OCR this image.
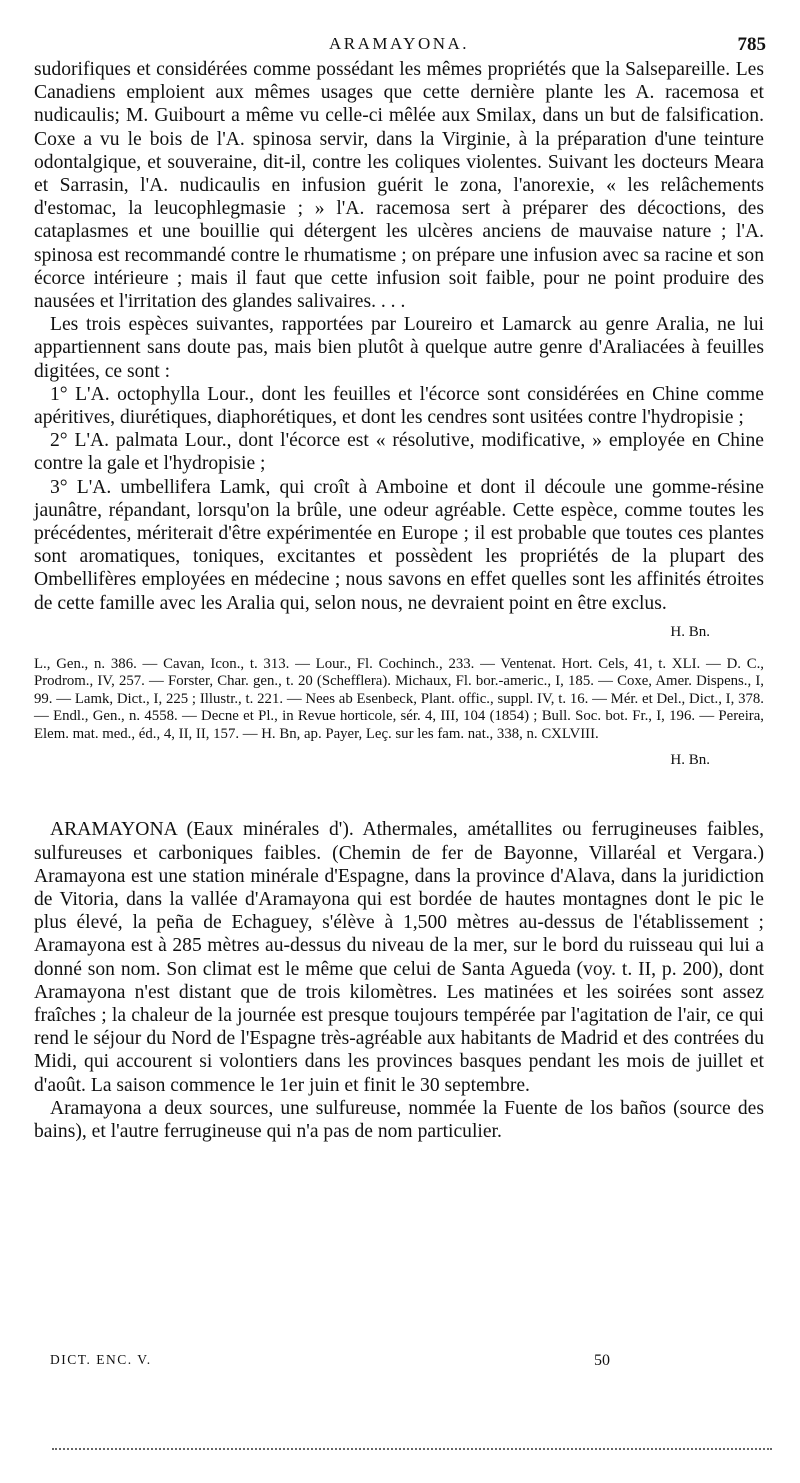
ARAMAYONA.	785

sudorifiques et considérées comme possédant les mêmes propriétés que la Salsepareille. Les Canadiens emploient aux mêmes usages que cette dernière plante les A. racemosa et nudicaulis; M. Guibourt a même vu celle-ci mêlée aux Smilax, dans un but de falsification. Coxe a vu le bois de l'A. spinosa servir, dans la Virginie, à la préparation d'une teinture odontalgique, et souveraine, dit-il, contre les coliques violentes. Suivant les docteurs Meara et Sarrasin, l'A. nudicaulis en infusion guérit le zona, l'anorexie, « les relâchements d'estomac, la leucophlegmasie ; » l'A. racemosa sert à préparer des décoctions, des cataplasmes et une bouillie qui détergent les ulcères anciens de mauvaise nature ; l'A. spinosa est recommandé contre le rhumatisme ; on prépare une infusion avec sa racine et son écorce intérieure ; mais il faut que cette infusion soit faible, pour ne point produire des nausées et l'irritation des glandes salivaires. . . .

Les trois espèces suivantes, rapportées par Loureiro et Lamarck au genre Aralia, ne lui appartiennent sans doute pas, mais bien plutôt à quelque autre genre d'Araliacées à feuilles digitées, ce sont :

1° L'A. octophylla Lour., dont les feuilles et l'écorce sont considérées en Chine comme apéritives, diurétiques, diaphorétiques, et dont les cendres sont usitées contre l'hydropisie ;

2° L'A. palmata Lour., dont l'écorce est « résolutive, modificative, » employée en Chine contre la gale et l'hydropisie ;

3° L'A. umbellifera Lamk, qui croît à Amboine et dont il découle une gomme-résine jaunâtre, répandant, lorsqu'on la brûle, une odeur agréable. Cette espèce, comme toutes les précédentes, mériterait d'être expérimentée en Europe ; il est probable que toutes ces plantes sont aromatiques, toniques, excitantes et possèdent les propriétés de la plupart des Ombellifères employées en médecine ; nous savons en effet quelles sont les affinités étroites de cette famille avec les Aralia qui, selon nous, ne devraient point en être exclus.

H. Bn.

L., Gen., n. 386. — Cavan, Icon., t. 313. — Lour., Fl. Cochinch., 233. — Ventenat. Hort. Cels, 41, t. XLI. — D. C., Prodrom., IV, 257. — Forster, Char. gen., t. 20 (Schefflera). Michaux, Fl. bor.-americ., I, 185. — Coxe, Amer. Dispens., I, 99. — Lamk, Dict., I, 225 ; Illustr., t. 221. — Nees ab Esenbeck, Plant. offic., suppl. IV, t. 16. — Mér. et Del., Dict., I, 378. — Endl., Gen., n. 4558. — Decne et Pl., in Revue horticole, sér. 4, III, 104 (1854) ; Bull. Soc. bot. Fr., I, 196. — Pereira, Elem. mat. med., éd., 4, II, II, 157. — H. Bn, ap. Payer, Leç. sur les fam. nat., 338, n. CXLVIII.

H. Bn.

ARAMAYONA (Eaux minérales d'). Athermales, amétallites ou ferrugineuses faibles, sulfureuses et carboniques faibles. (Chemin de fer de Bayonne, Villaréal et Vergara.) Aramayona est une station minérale d'Espagne, dans la province d'Alava, dans la juridiction de Vitoria, dans la vallée d'Aramayona qui est bordée de hautes montagnes dont le pic le plus élevé, la peña de Echaguey, s'élève à 1,500 mètres au-dessus de l'établissement ; Aramayona est à 285 mètres au-dessus du niveau de la mer, sur le bord du ruisseau qui lui a donné son nom. Son climat est le même que celui de Santa Agueda (voy. t. II, p. 200), dont Aramayona n'est distant que de trois kilomètres. Les matinées et les soirées sont assez fraîches ; la chaleur de la journée est presque toujours tempérée par l'agitation de l'air, ce qui rend le séjour du Nord de l'Espagne très-agréable aux habitants de Madrid et des contrées du Midi, qui accourent si volontiers dans les provinces basques pendant les mois de juillet et d'août. La saison commence le 1er juin et finit le 30 septembre.

Aramayona a deux sources, une sulfureuse, nommée la Fuente de los baños (source des bains), et l'autre ferrugineuse qui n'a pas de nom particulier.

DICT. ENC. V.	50
